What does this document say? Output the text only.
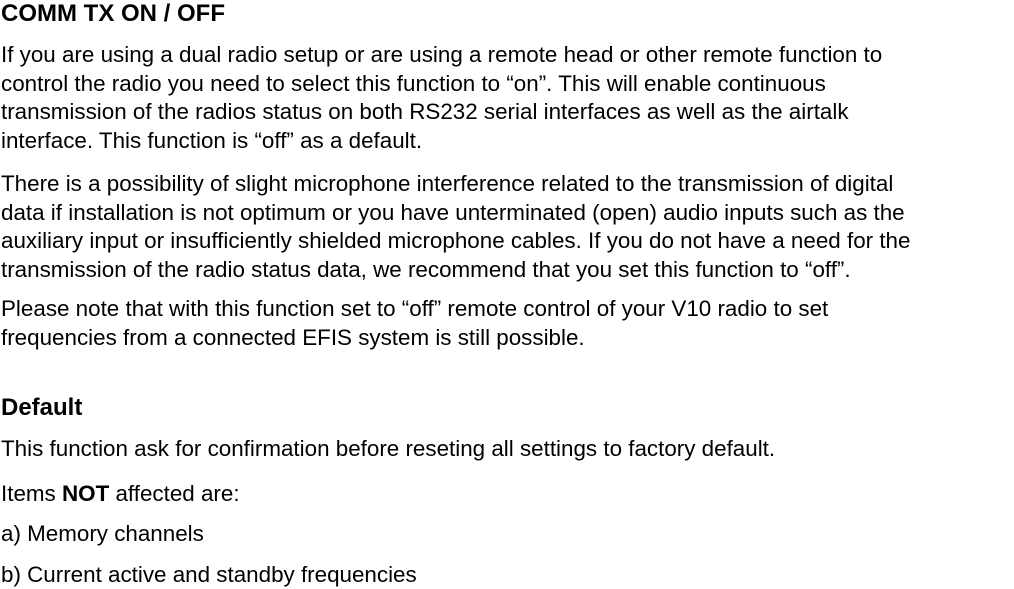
COMM TX ON / OFF

If you are using a dual radio setup or are using a remote head or other remote function to
control the radio you need to select this function to “on”. This will enable continuous
transmission of the radios status on both RS232 serial interfaces as well as the airtalk
interface. This function is “off” as a default.

There is a possibility of slight microphone interference related to the transmission of digital
data if installation is not optimum or you have unterminated (open) audio inputs such as the
auxiliary input or insufficiently shielded microphone cables. If you do not have a need for the
transmission of the radio status data, we recommend that you set this function to “off”.

Please note that with this function set to “off” remote control of your V10 radio to set
frequencies from a connected EFIS system is still possible.

Default
This function ask for confirmation before reseting all settings to factory default.
Items NOT affected are:
a) Memory channels
b) Current active and standby frequencies
